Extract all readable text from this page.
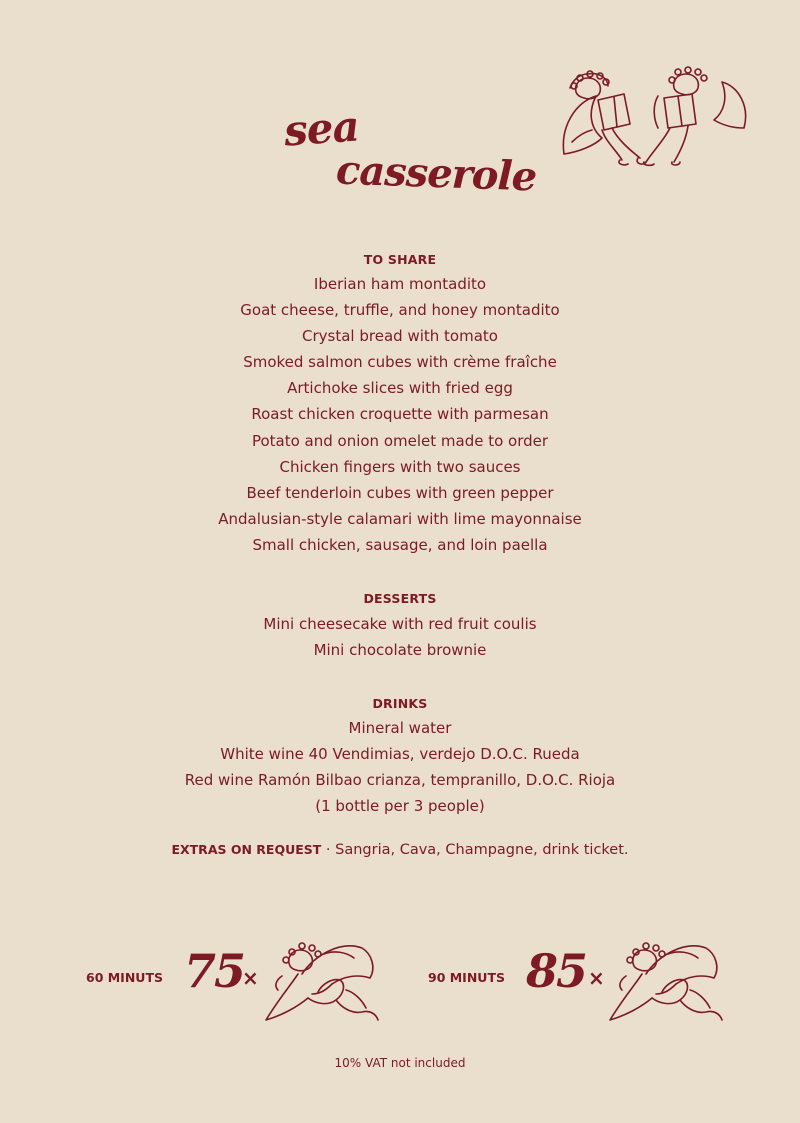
sea
casserole
TO SHARE
Iberian ham montadito
Goat cheese, truffle, and honey montadito
Crystal bread with tomato
Smoked salmon cubes with crème fraîche
Artichoke slices with fried egg
Roast chicken croquette with parmesan
Potato and onion omelet made to order
Chicken fingers with two sauces
Beef tenderloin cubes with green pepper
Andalusian-style calamari with lime mayonnaise
Small chicken, sausage, and loin paella
DESSERTS
Mini cheesecake with red fruit coulis
Mini chocolate brownie
DRINKS
Mineral water
White wine 40 Vendimias, verdejo D.O.C. Rueda
Red wine Ramón Bilbao crianza, tempranillo, D.O.C. Rioja
(1 bottle per 3 people)
EXTRAS ON REQUEST · Sangria, Cava, Champagne, drink ticket.
60 MINUTS 75
×	90 MINUTS 85 ×
10% VAT not included
